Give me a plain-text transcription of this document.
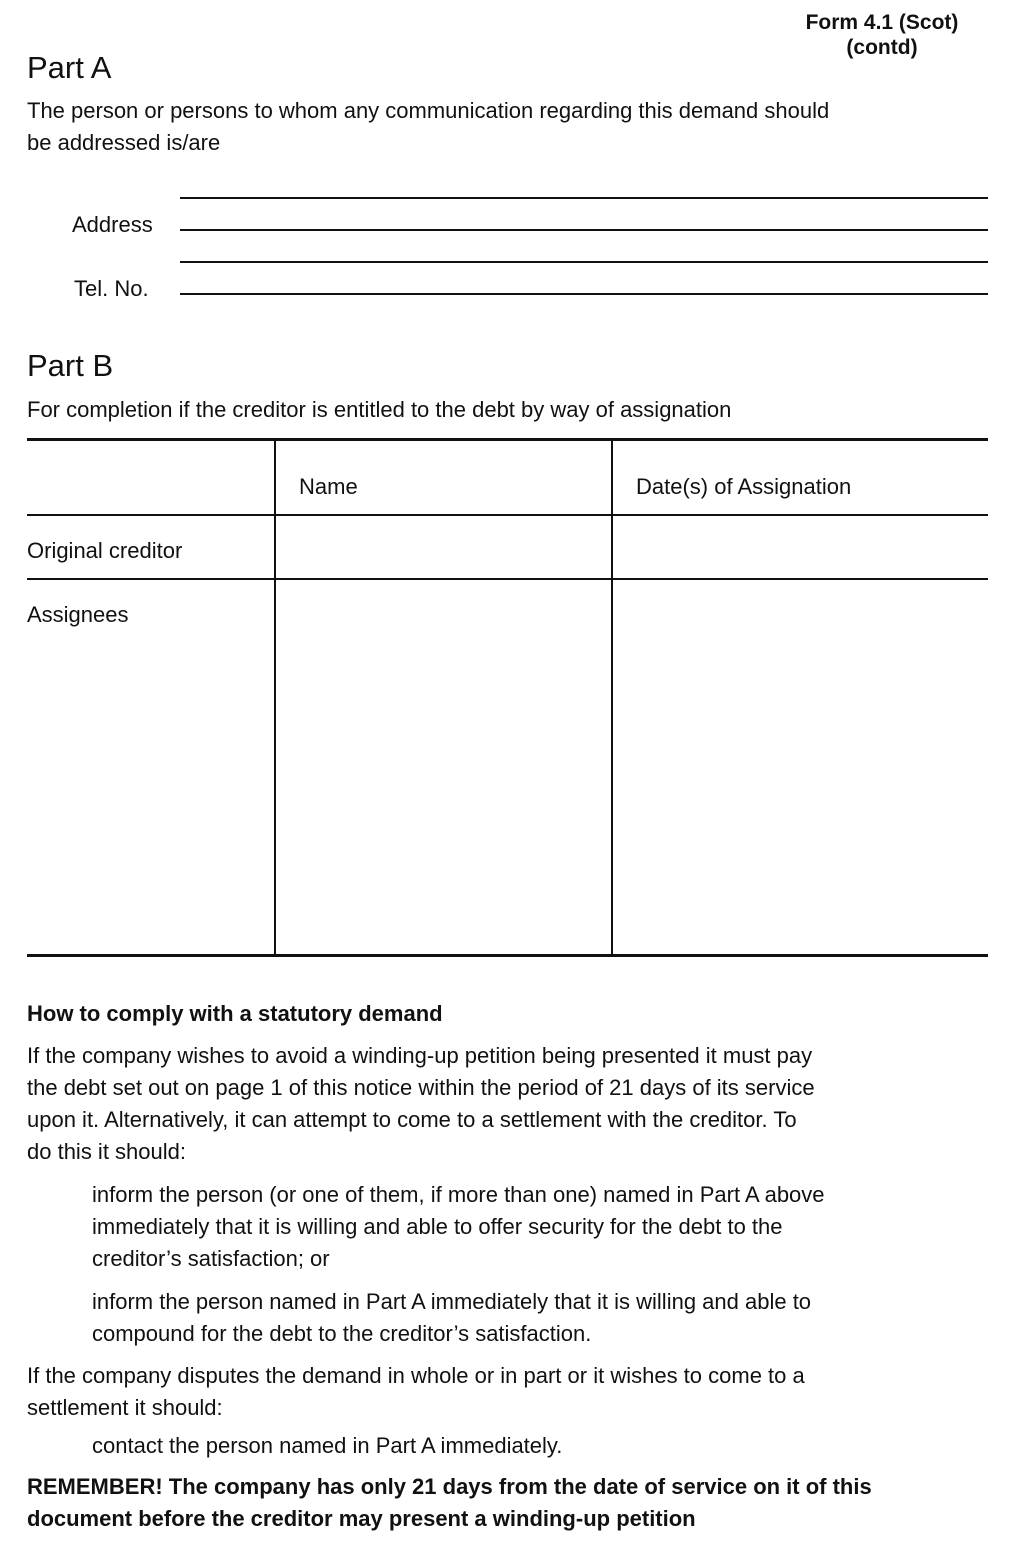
Form 4.1 (Scot)
(contd)
Part A
The person or persons to whom any communication regarding this demand should
be addressed is/are
Address
Tel. No.
Part B
For completion if the creditor is entitled to the debt by way of assignation
Name	Date(s) of Assignation
Original creditor
Assignees
How to comply with a statutory demand
If the company wishes to avoid a winding-up petition being presented it must pay
the debt set out on page 1 of this notice within the period of 21 days of its service
upon it. Alternatively, it can attempt to come to a settlement with the creditor. To
do this it should:
inform the person (or one of them, if more than one) named in Part A above
immediately that it is willing and able to offer security for the debt to the
creditor’s satisfaction; or
inform the person named in Part A immediately that it is willing and able to
compound for the debt to the creditor’s satisfaction.
If the company disputes the demand in whole or in part or it wishes to come to a
settlement it should:
contact the person named in Part A immediately.
REMEMBER! The company has only 21 days from the date of service on it of this
document before the creditor may present a winding-up petition
